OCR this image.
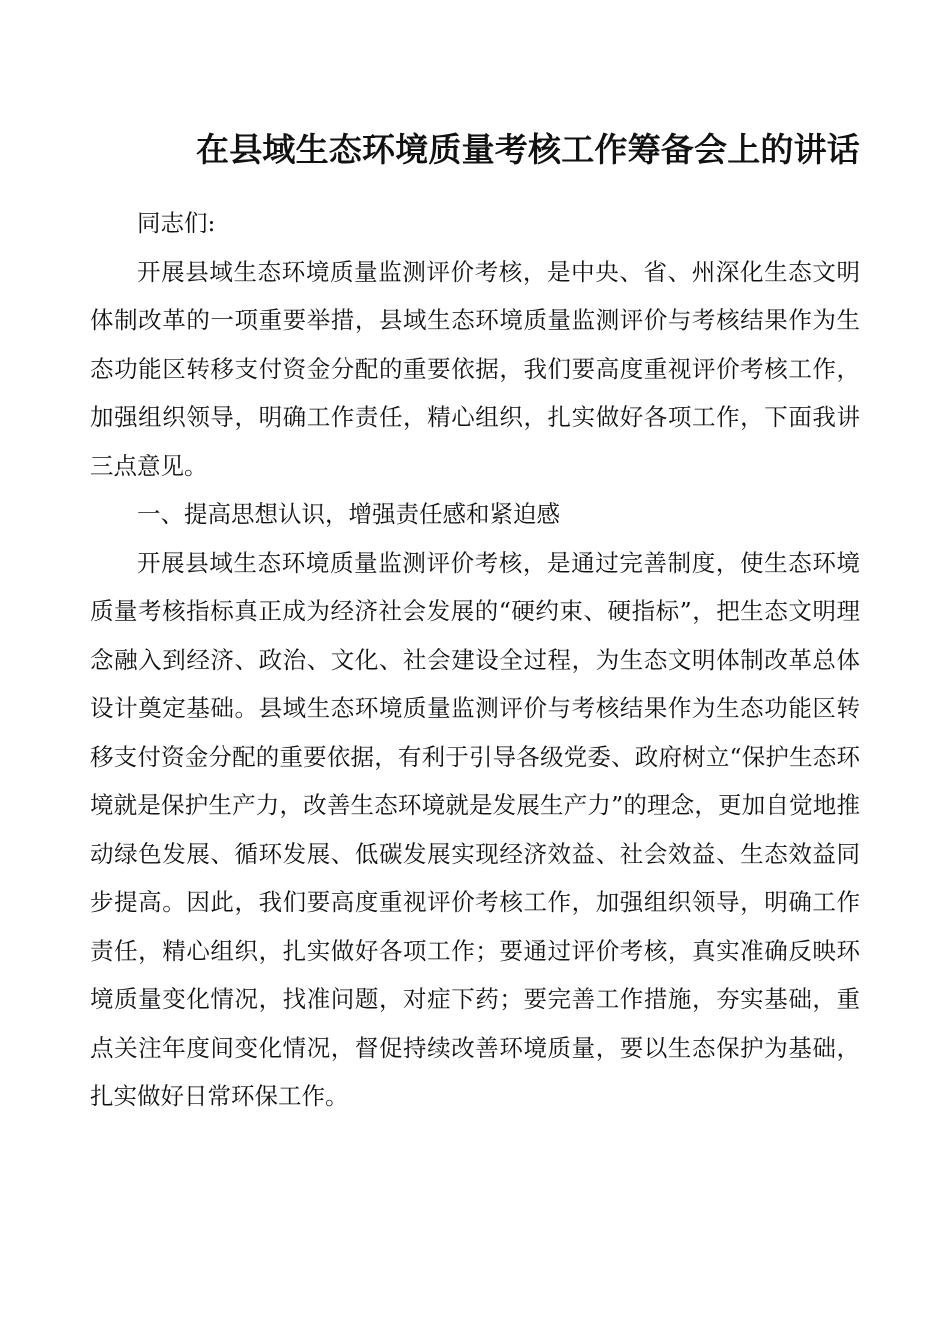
在县域生态环境质量考核工作筹备会上的讲话

同志们:

开展县域生态环境质量监测评价考核，是中央、省、州深化生态文明体制改革的一项重要举措，县域生态环境质量监测评价与考核结果作为生态功能区转移支付资金分配的重要依据，我们要高度重视评价考核工作，加强组织领导，明确工作责任，精心组织，扎实做好各项工作，下面我讲三点意见。

一、提高思想认识，增强责任感和紧迫感

开展县域生态环境质量监测评价考核，是通过完善制度，使生态环境质量考核指标真正成为经济社会发展的“硬约束、硬指标”，把生态文明理念融入到经济、政治、文化、社会建设全过程，为生态文明体制改革总体设计奠定基础。县域生态环境质量监测评价与考核结果作为生态功能区转移支付资金分配的重要依据，有利于引导各级党委、政府树立“保护生态环境就是保护生产力，改善生态环境就是发展生产力”的理念，更加自觉地推动绿色发展、循环发展、低碳发展实现经济效益、社会效益、生态效益同步提高。因此，我们要高度重视评价考核工作，加强组织领导，明确工作责任，精心组织，扎实做好各项工作；要通过评价考核，真实准确反映环境质量变化情况，找准问题，对症下药；要完善工作措施，夯实基础，重点关注年度间变化情况，督促持续改善环境质量，要以生态保护为基础，扎实做好日常环保工作。
